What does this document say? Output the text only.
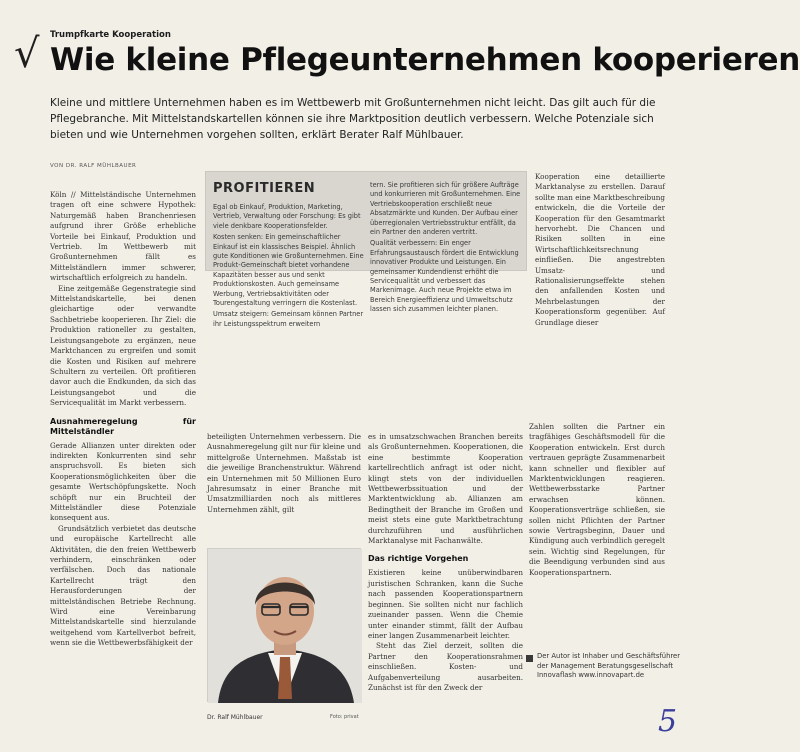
√ Trumpfkarte Kooperation
Wie kleine Pflegeunternehmen kooperieren

Kleine und mittlere Unternehmen haben es im Wettbewerb mit Großunternehmen nicht leicht. Das gilt auch für die Pflegebranche. Mit Mittelstandskartellen können sie ihre Marktposition deutlich verbessern. Welche Potenziale sich bieten und wie Unternehmen vorgehen sollten, erklärt Berater Ralf Mühlbauer.

VON DR. RALF MÜHLBAUER

Köln // Mittelständische Unternehmen tragen oft eine schwere Hypothek: Naturgemäß haben Branchenriesen aufgrund ihrer Größe erhebliche Vorteile bei Einkauf, Produktion und Vertrieb. Im Wettbewerb mit Großunternehmen fällt es Mittelständlern immer schwerer, wirtschaftlich erfolgreich zu handeln.

Eine zeitgemäße Gegenstrategie sind Mittelstandskartelle, bei denen gleichartige oder verwandte Sachbetriebe kooperieren. Ihr Ziel: die Produktion rationeller zu gestalten, Leistungsangebote zu ergänzen, neue Marktchancen zu ergreifen und somit die Kosten und Risiken auf mehrere Schultern zu verteilen. Oft profitieren davor auch die Endkunden, da sich das Leistungsangebot und die Servicequalität im Markt verbessern.

Ausnahmeregelung für Mittelständler

Gerade Allianzen unter direkten oder indirekten Konkurrenten sind sehr anspruchsvoll. Es bieten sich Kooperationsmöglichkeiten über die gesamte Wertschöpfungskette. Noch schöpft nur ein Bruchteil der Mittelständler diese Potenziale konsequent aus.

Grundsätzlich verbietet das deutsche und europäische Kartellrecht alle Aktivitäten, die den freien Wettbewerb verhindern, einschränken oder verfälschen. Doch das nationale Kartellrecht trägt den Herausforderungen der mittelständischen Betriebe Rechnung. Wird eine Vereinbarung Mittelstandskartelle sind hierzulande weitgehend vom Kartellverbot befreit, wenn sie die Wettbewerbsfähigkeit der

PROFITIEREN

Egal ob Einkauf, Produktion, Marketing, Vertrieb, Verwaltung oder Forschung: Es gibt viele denkbare Kooperationsfelder.

Kosten senken: Ein gemeinschaftlicher Einkauf ist ein klassisches Beispiel. Ähnlich gute Konditionen wie Großunternehmen. Eine Produkt-Gemeinschaft bietet vorhandene Kapazitäten besser aus und senkt Produktionskosten. Auch gemeinsame Werbung, Vertriebsaktivitäten oder Tourengestaltung verringern die Kostenlast.

Umsatz steigern: Gemeinsam können Partner ihr Leistungsspektrum erweitern

tern. Sie profitieren sich für größere Aufträge und konkurrieren mit Großunternehmen. Eine Vertriebskooperation erschließt neue Absatzmärkte und Kunden. Der Aufbau einer überregionalen Vertriebsstruktur entfällt, da ein Partner den anderen vertritt.

Qualität verbessern: Ein enger Erfahrungsaustausch fördert die Entwicklung innovativer Produkte und Leistungen. Ein gemeinsamer Kundendienst erhöht die Servicequalität und verbessert das Markenimage. Auch neue Projekte etwa im Bereich Energieeffizienz und Umweltschutz lassen sich zusammen leichter planen.

Kooperation eine detaillierte Marktanalyse zu erstellen. Darauf sollte man eine Marktbeschreibung entwickeln, die die Vorteile der Kooperation für den Gesamtmarkt hervorhebt. Die Chancen und Risiken sollten in eine Wirtschaftlichkeitsrechnung einfließen. Die angestrebten Umsatz- und Rationalisierungseffekte stehen den anfallenden Kosten und Mehrbelastungen der Kooperationsform gegenüber. Auf Grundlage dieser

beteiligten Unternehmen verbessern. Die Ausnahmeregelung gilt nur für kleine und mittelgroße Unternehmen. Maßstab ist die jeweilige Branchenstruktur. Während ein Unternehmen mit 50 Millionen Euro Jahresumsatz in einer Branche mit Umsatzmilliarden noch als mittleres Unternehmen zählt, gilt

es in umsatzschwachen Branchen bereits als Großunternehmen. Kooperationen, die eine bestimmte Kooperation kartellrechtlich anfragt ist oder nicht, klingt stets von der individuellen Wettbewerbssituation und der Marktentwicklung ab. Allianzen am Bedingtheit der Branche im Großen und meist stets eine gute Marktbetrachtung durchzuführen und ausführlichen Marktanalyse mit Fachanwälte.

Das richtige Vorgehen

Existieren keine unüberwindbaren juristischen Schranken, kann die Suche nach passenden Kooperationspartnern beginnen. Sie sollten nicht nur fachlich zueinander passen. Wenn die Chemie unter einander stimmt, fällt der Aufbau einer langen Zusammenarbeit leichter.

Steht das Ziel derzeit, sollten die Partner den Kooperationsrahmen einschließen. Kosten- und Aufgabenverteilung ausarbeiten. Zunächst ist für den Zweck der

Zahlen sollten die Partner ein tragfähiges Geschäftsmodell für die Kooperation entwickeln. Erst durch vertrauen geprägte Zusammenarbeit kann schneller und flexibler auf Marktentwicklungen reagieren. Wettbewerbsstarke Partner erwachsen können. Kooperationsverträge schließen, sie sollen nicht Pflichten der Partner sowie Vertragsbeginn, Dauer und Kündigung auch verbindlich geregelt sein. Wichtig sind Regelungen, für die Beendigung verbunden sind aus Kooperationspartnern.

Dr. Ralf Mühlbauer	Foto: privat
Der Autor ist Inhaber und Geschäftsführer der Management Beratungsgesellschaft Innovaflash www.innovapart.de
5
